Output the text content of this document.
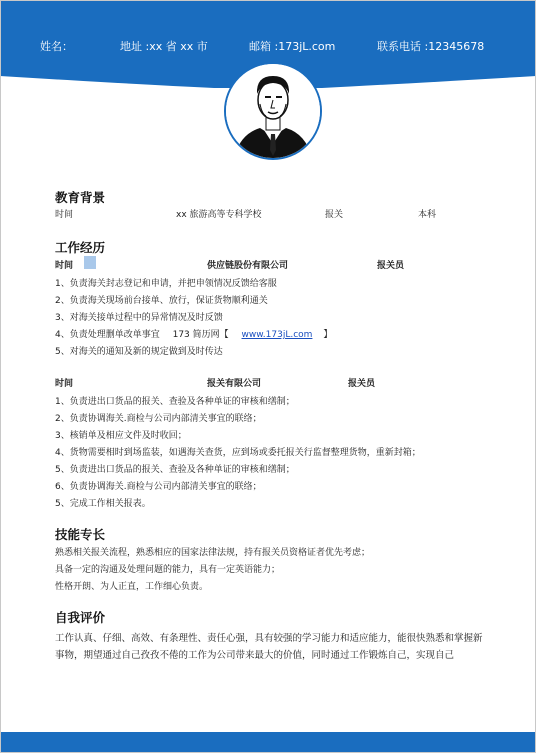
姓名：	地址 :xx 省 xx 市	邮箱 :173jL.com	联系电话 :12345678
教育背景
时间	xx 旅游高等专科学校	报关	本科
工作经历
时间	供应链股份有限公司	报关员
1、负责海关封志登记和申请，并把申领情况反馈给客服
2、负责海关现场前台接单、放行，保证货物顺利通关
3、对海关接单过程中的异常情况及时反馈
4、负责处理删单改单事宜 173 简历网【 www.173jL.com 】
5、对海关的通知及新的规定做到及时传达
时间	报关有限公司	报关员
1、负责进出口货品的报关、查验及各种单证的审核和缮制；
2、负责协调海关.商检与公司内部清关事宜的联络；
3、核销单及相应文件及时收回；
4、货物需要相时到场监装，如遇海关查货，应到场或委托报关行监督整理货物，重新封箱；
5、负责进出口货品的报关、查验及各种单证的审核和缮制；
6、负责协调海关.商检与公司内部清关事宜的联络；
5、完成工作相关报表。
技能专长
熟悉相关报关流程，熟悉相应的国家法律法规，持有报关员资格证者优先考虑；
具备一定的沟通及处理问题的能力，具有一定英语能力；
性格开朗、为人正直，工作细心负责。
自我评价
工作认真、仔细、高效、有条理性、责任心强，具有较强的学习能力和适应能力，能很快熟悉和掌握新
事物，期望通过自己孜孜不倦的工作为公司带来最大的价值，同时通过工作锻炼自己，实现自己
